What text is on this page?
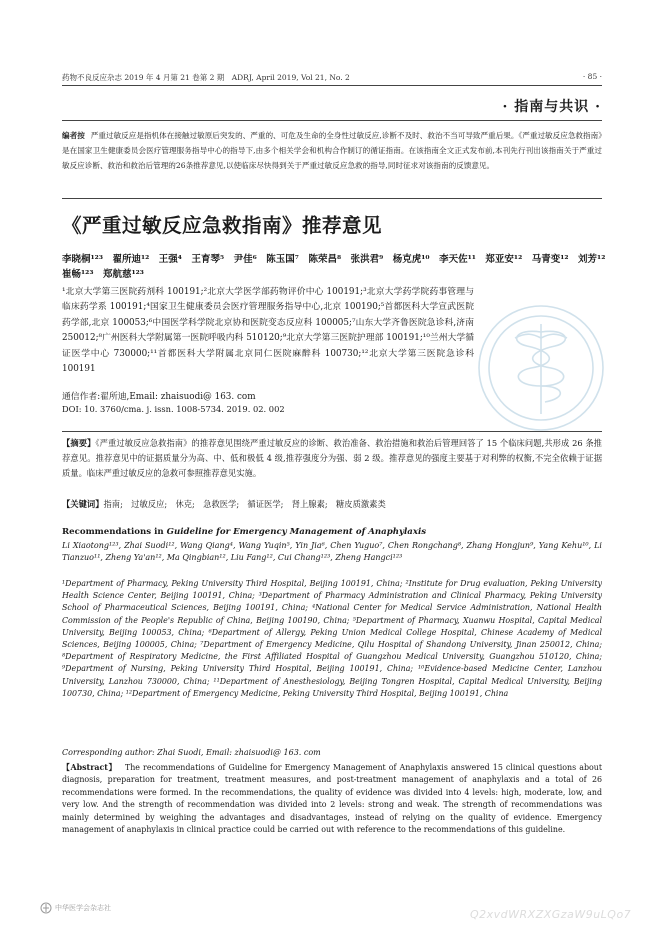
药物不良反应杂志 2019 年 4 月第 21 卷第 2 期　ADRJ, April 2019, Vol 21, No. 2	· 85 ·
· 指南与共识 ·
编者按 严重过敏反应是指机体在接触过敏原后突发的、严重的、可危及生命的全身性过敏反应,诊断不及时、救治不当可导致严重后果。《严重过敏反应急救指南》是在国家卫生健康委员会医疗管理服务指导中心的指导下,由多个相关学会和机构合作制订的循证指南。在该指南全文正式发布前,本刊先行刊出该指南关于严重过敏反应诊断、救治和救治后管理的26条推荐意见,以使临床尽快得到关于严重过敏反应急救的指导,同时征求对该指南的反馈意见。
《严重过敏反应急救指南》推荐意见
李晓桐¹²³　翟所迪¹²　王强⁴　王育琴⁵　尹佳⁶　陈玉国⁷　陈荣昌⁸　张洪君⁹　杨克虎¹⁰　李天佐¹¹　郑亚安¹²　马青变¹²　刘芳¹²　崔畅¹²³　郑航慈¹²³
¹北京大学第三医院药剂科 100191;²北京大学医学部药物评价中心 100191;³北京大学药学院药事管理与临床药学系 100191;⁴国家卫生健康委员会医疗管理服务指导中心,北京 100190;⁵首都医科大学宣武医院药学部,北京 100053;⁶中国医学科学院北京协和医院变态反应科 100005;⁷山东大学齐鲁医院急诊科,济南 250012;⁸广州医科大学附属第一医院呼吸内科 510120;⁹北京大学第三医院护理部 100191;¹⁰兰州大学循证医学中心 730000;¹¹首都医科大学附属北京同仁医院麻醉科 100730;¹²北京大学第三医院急诊科 100191
通信作者:翟所迪,Email: zhaisuodi@ 163. com
DOI: 10. 3760/cma. j. issn. 1008-5734. 2019. 02. 002
【摘要】《严重过敏反应急救指南》的推荐意见围绕严重过敏反应的诊断、救治准备、救治措施和救治后管理回答了 15 个临床问题,共形成 26 条推荐意见。推荐意见中的证据质量分为高、中、低和极低 4 级,推荐强度分为强、弱 2 级。推荐意见的强度主要基于对利弊的权衡,不完全依赖于证据质量。临床严重过敏反应的急救可参照推荐意见实施。
【关键词】指南;　过敏反应;　休克;　急救医学;　循证医学;　肾上腺素;　糖皮质激素类
Recommendations in Guideline for Emergency Management of Anaphylaxis
Li Xiaotong¹²³, Zhai Suodi¹², Wang Qiang⁴, Wang Yuqin⁵, Yin Jia⁶, Chen Yuguo⁷, Chen Rongchang⁸, Zhang Hongjun⁹, Yang Kehu¹⁰, Li Tianzuo¹¹, Zheng Ya'an¹², Ma Qingbian¹², Liu Fang¹², Cui Chang¹²³, Zheng Hangci¹²³
¹Department of Pharmacy, Peking University Third Hospital, Beijing 100191, China; ²Institute for Drug evaluation, Peking University Health Science Center, Beijing 100191, China; ³Department of Pharmacy Administration and Clinical Pharmacy, Peking University School of Pharmaceutical Sciences, Beijing 100191, China; ⁴National Center for Medical Service Administration, National Health Commission of the People's Republic of China, Beijing 100190, China; ⁵Department of Pharmacy, Xuanwu Hospital, Capital Medical University, Beijing 100053, China; ⁶Department of Allergy, Peking Union Medical College Hospital, Chinese Academy of Medical Sciences, Beijing 100005, China; ⁷Department of Emergency Medicine, Qilu Hospital of Shandong University, Jinan 250012, China; ⁸Department of Respiratory Medicine, the First Affiliated Hospital of Guangzhou Medical University, Guangzhou 510120, China; ⁹Department of Nursing, Peking University Third Hospital, Beijing 100191, China; ¹⁰Evidence-based Medicine Center, Lanzhou University, Lanzhou 730000, China; ¹¹Department of Anesthesiology, Beijing Tongren Hospital, Capital Medical University, Beijing 100730, China; ¹²Department of Emergency Medicine, Peking University Third Hospital, Beijing 100191, China
Corresponding author: Zhai Suodi, Email: zhaisuodi@ 163. com
【Abstract】 The recommendations of Guideline for Emergency Management of Anaphylaxis answered 15 clinical questions about diagnosis, preparation for treatment, treatment measures, and post-treatment management of anaphylaxis and a total of 26 recommendations were formed. In the recommendations, the quality of evidence was divided into 4 levels: high, moderate, low, and very low. And the strength of recommendation was divided into 2 levels: strong and weak. The strength of recommendations was mainly determined by weighing the advantages and disadvantages, instead of relying on the quality of evidence. Emergency management of anaphylaxis in clinical practice could be carried out with reference to the recommendations of this guideline.
中华医学会杂志社	Q2xvdWRXZXGzaW9uLQo7
